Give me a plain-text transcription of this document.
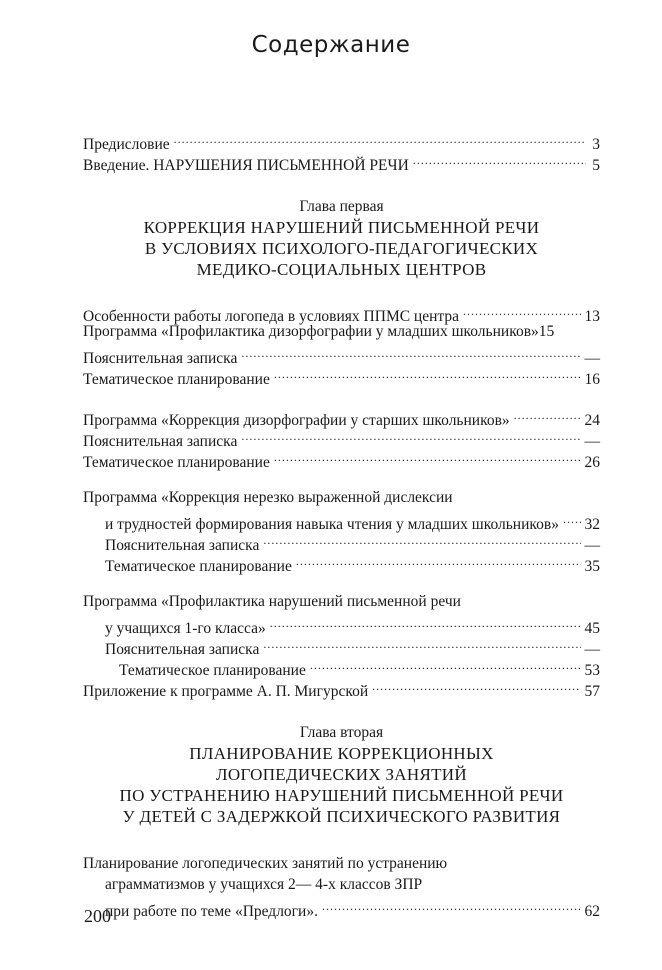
Содержание
Предисловие .....	3
Введение. НАРУШЕНИЯ ПИСЬМЕННОЙ РЕЧИ .....	5
Глава первая
КОРРЕКЦИЯ НАРУШЕНИЙ ПИСЬМЕННОЙ РЕЧИ
В УСЛОВИЯХ ПСИХОЛОГО-ПЕДАГОГИЧЕСКИХ
МЕДИКО-СОЦИАЛЬНЫХ ЦЕНТРОВ
Особенности работы логопеда в условиях ППМС центра .....	13
Программа «Профилактика дизорфографии у младших школьников» 15
Пояснительная записка .....	—
Тематическое планирование .....	16
Программа «Коррекция дизорфографии у старших школьников» .....	24
Пояснительная записка .....	—
Тематическое планирование .....	26
Программа «Коррекция нерезко выраженной дислексии
и трудностей формирования навыка чтения у младших школьников» ..... 32
Пояснительная записка .....	—
Тематическое планирование .....	35
Программа «Профилактика нарушений письменной речи
у учащихся 1-го класса» .....	45
Пояснительная записка .....	—
Тематическое планирование .....	53
Приложение к программе А. П. Мигурской .....	57
Глава вторая
ПЛАНИРОВАНИЕ КОРРЕКЦИОННЫХ
ЛОГОПЕДИЧЕСКИХ ЗАНЯТИЙ
ПО УСТРАНЕНИЮ НАРУШЕНИЙ ПИСЬМЕННОЙ РЕЧИ
У ДЕТЕЙ С ЗАДЕРЖКОЙ ПСИХИЧЕСКОГО РАЗВИТИЯ
Планирование логопедических занятий по устранению
аграмматизмов у учащихся 2— 4-х классов ЗПР
при работе по теме «Предлоги». .....	62
200
